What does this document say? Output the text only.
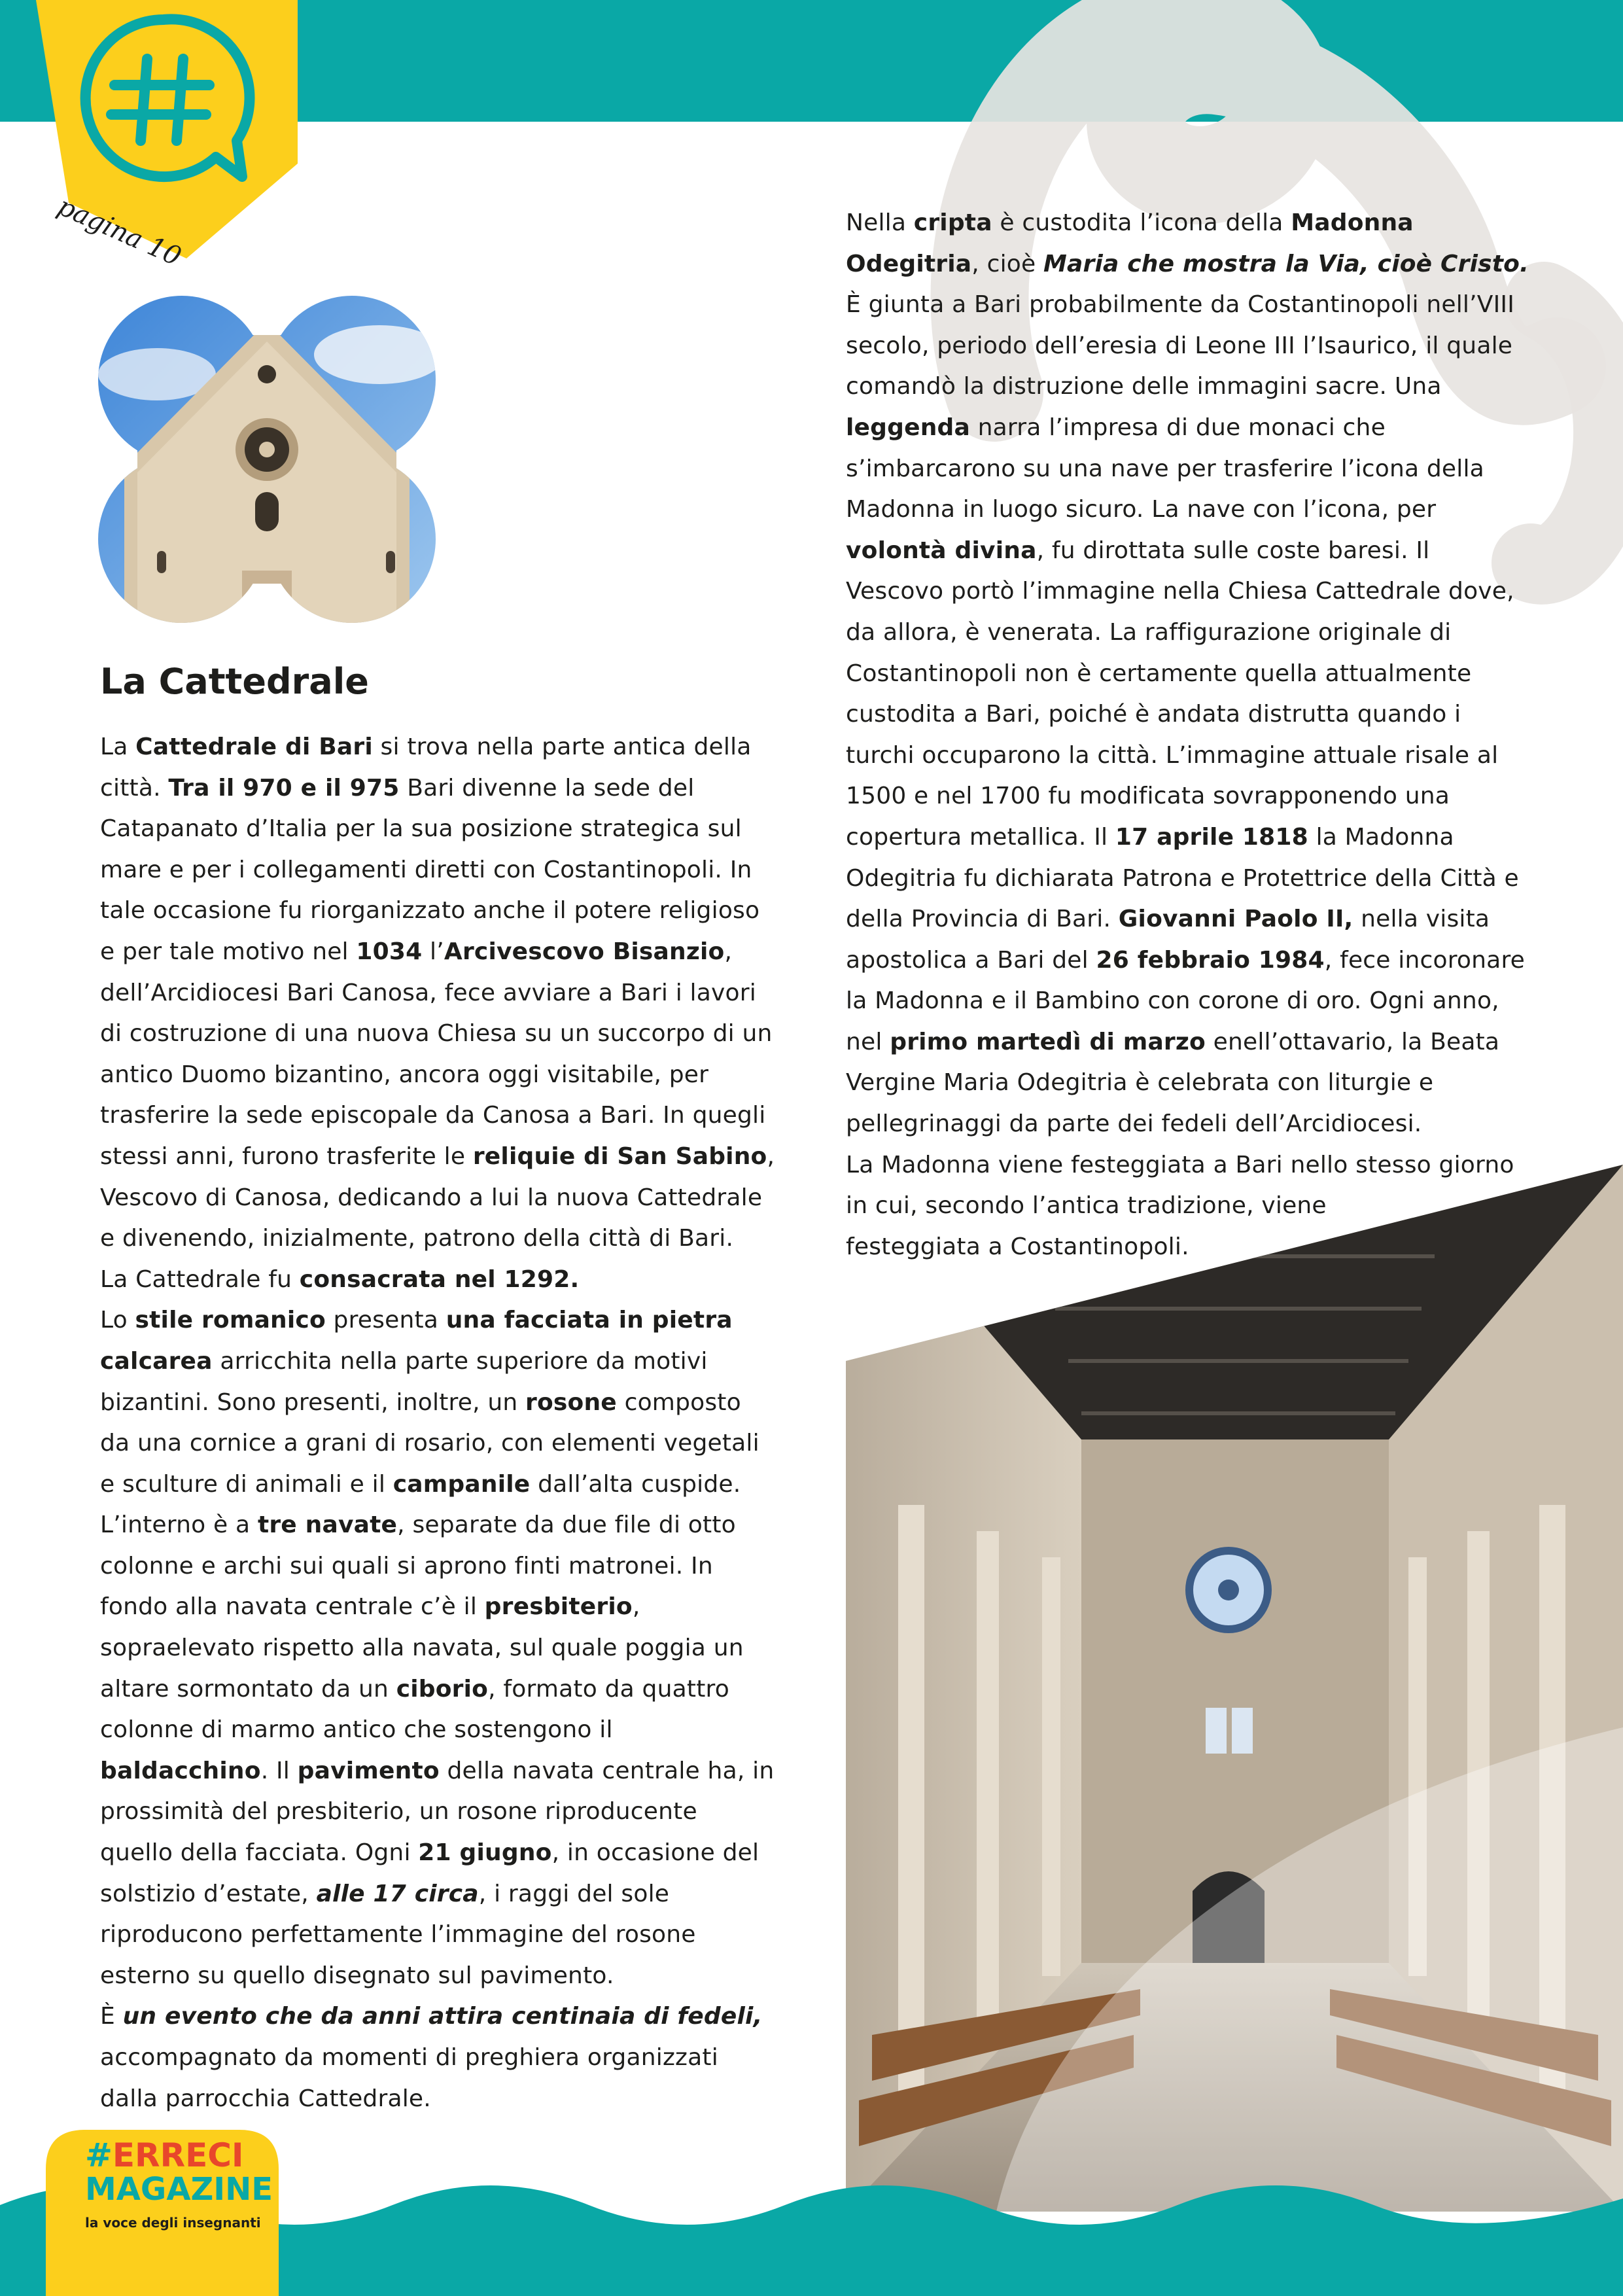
pagina 10
La Cattedrale
La Cattedrale di Bari si trova nella parte antica della
città. Tra il 970 e il 975 Bari divenne la sede del
Catapanato d’Italia per la sua posizione strategica sul
mare e per i collegamenti diretti con Costantinopoli. In
tale occasione fu riorganizzato anche il potere religioso
e per tale motivo nel 1034 l’Arcivescovo Bisanzio,
dell’Arcidiocesi Bari Canosa, fece avviare a Bari i lavori
di costruzione di una nuova Chiesa su un succorpo di un
antico Duomo bizantino, ancora oggi visitabile, per
trasferire la sede episcopale da Canosa a Bari. In quegli
stessi anni, furono trasferite le reliquie di San Sabino,
Vescovo di Canosa, dedicando a lui la nuova Cattedrale
e divenendo, inizialmente, patrono della città di Bari.
La Cattedrale fu consacrata nel 1292.
Lo stile romanico presenta una facciata in pietra
calcarea arricchita nella parte superiore da motivi
bizantini. Sono presenti, inoltre, un rosone composto
da una cornice a grani di rosario, con elementi vegetali
e sculture di animali e il campanile dall’alta cuspide.
L’interno è a tre navate, separate da due file di otto
colonne e archi sui quali si aprono finti matronei. In
fondo alla navata centrale c’è il presbiterio,
sopraelevato rispetto alla navata, sul quale poggia un
altare sormontato da un ciborio, formato da quattro
colonne di marmo antico che sostengono il
baldacchino. Il pavimento della navata centrale ha, in
prossimità del presbiterio, un rosone riproducente
quello della facciata. Ogni 21 giugno, in occasione del
solstizio d’estate, alle 17 circa, i raggi del sole
riproducono perfettamente l’immagine del rosone
esterno su quello disegnato sul pavimento.
È un evento che da anni attira centinaia di fedeli,
accompagnato da momenti di preghiera organizzati
dalla parrocchia Cattedrale.
Nella cripta è custodita l’icona della Madonna
Odegitria, cioè Maria che mostra la Via, cioè Cristo.
È giunta a Bari probabilmente da Costantinopoli nell’VIII
secolo, periodo dell’eresia di Leone III l’Isaurico, il quale
comandò la distruzione delle immagini sacre. Una
leggenda narra l’impresa di due monaci che
s’imbarcarono su una nave per trasferire l’icona della
Madonna in luogo sicuro. La nave con l’icona, per
volontà divina, fu dirottata sulle coste baresi. Il
Vescovo portò l’immagine nella Chiesa Cattedrale dove,
da allora, è venerata. La raffigurazione originale di
Costantinopoli non è certamente quella attualmente
custodita a Bari, poiché è andata distrutta quando i
turchi occuparono la città. L’immagine attuale risale al
1500 e nel 1700 fu modificata sovrapponendo una
copertura metallica. Il 17 aprile 1818 la Madonna
Odegitria fu dichiarata Patrona e Protettrice della Città e
della Provincia di Bari. Giovanni Paolo II, nella visita
apostolica a Bari del 26 febbraio 1984, fece incoronare
la Madonna e il Bambino con corone di oro. Ogni anno,
nel primo martedì di marzo enell’ottavario, la Beata
Vergine Maria Odegitria è celebrata con liturgie e
pellegrinaggi da parte dei fedeli dell’Arcidiocesi.
La Madonna viene festeggiata a Bari nello stesso giorno
in cui, secondo l’antica tradizione, viene
festeggiata a Costantinopoli.
#ERRECI
MAGAZINE
la voce degli insegnanti
